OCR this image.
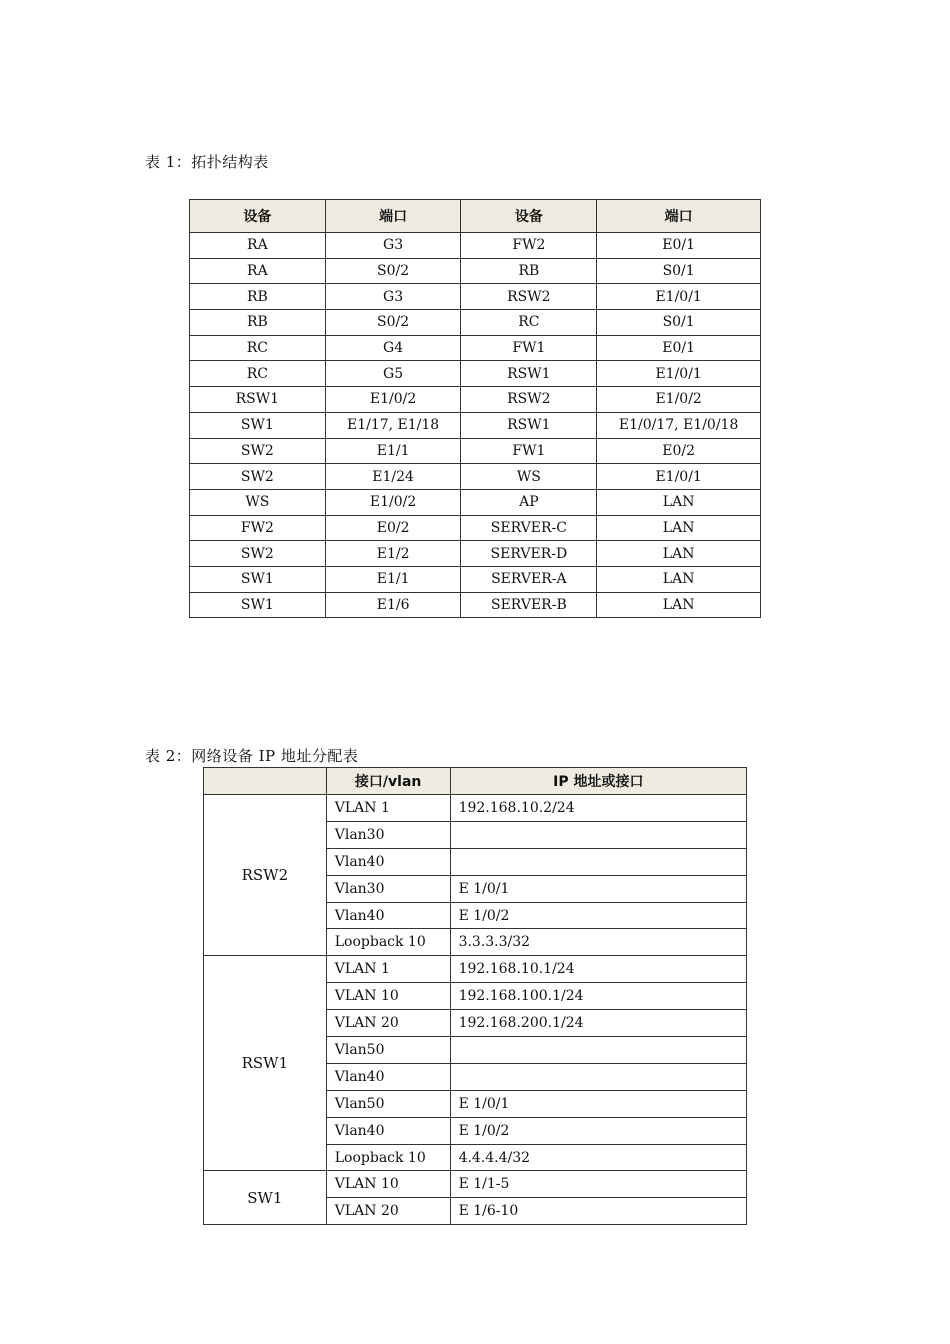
表 1：拓扑结构表
设备	端口	设备	端口
RA	G3	FW2	E0/1
RA	S0/2	RB	S0/1
RB	G3	RSW2	E1/0/1
RB	S0/2	RC	S0/1
RC	G4	FW1	E0/1
RC	G5	RSW1	E1/0/1
RSW1	E1/0/2	RSW2	E1/0/2
SW1	E1/17, E1/18	RSW1	E1/0/17, E1/0/18
SW2	E1/1	FW1	E0/2
SW2	E1/24	WS	E1/0/1
WS	E1/0/2	AP	LAN
FW2	E0/2	SERVER-C	LAN
SW2	E1/2	SERVER-D	LAN
SW1	E1/1	SERVER-A	LAN
SW1	E1/6	SERVER-B	LAN
表 2：网络设备 IP 地址分配表
	接口/vlan	IP 地址或接口
RSW2	VLAN 1	192.168.10.2/24
	Vlan30	
	Vlan40	
	Vlan30	E 1/0/1
	Vlan40	E 1/0/2
	Loopback 10	3.3.3.3/32
RSW1	VLAN 1	192.168.10.1/24
	VLAN 10	192.168.100.1/24
	VLAN 20	192.168.200.1/24
	Vlan50	
	Vlan40	
	Vlan50	E 1/0/1
	Vlan40	E 1/0/2
	Loopback 10	4.4.4.4/32
SW1	VLAN 10	E 1/1-5
	VLAN 20	E 1/6-10
